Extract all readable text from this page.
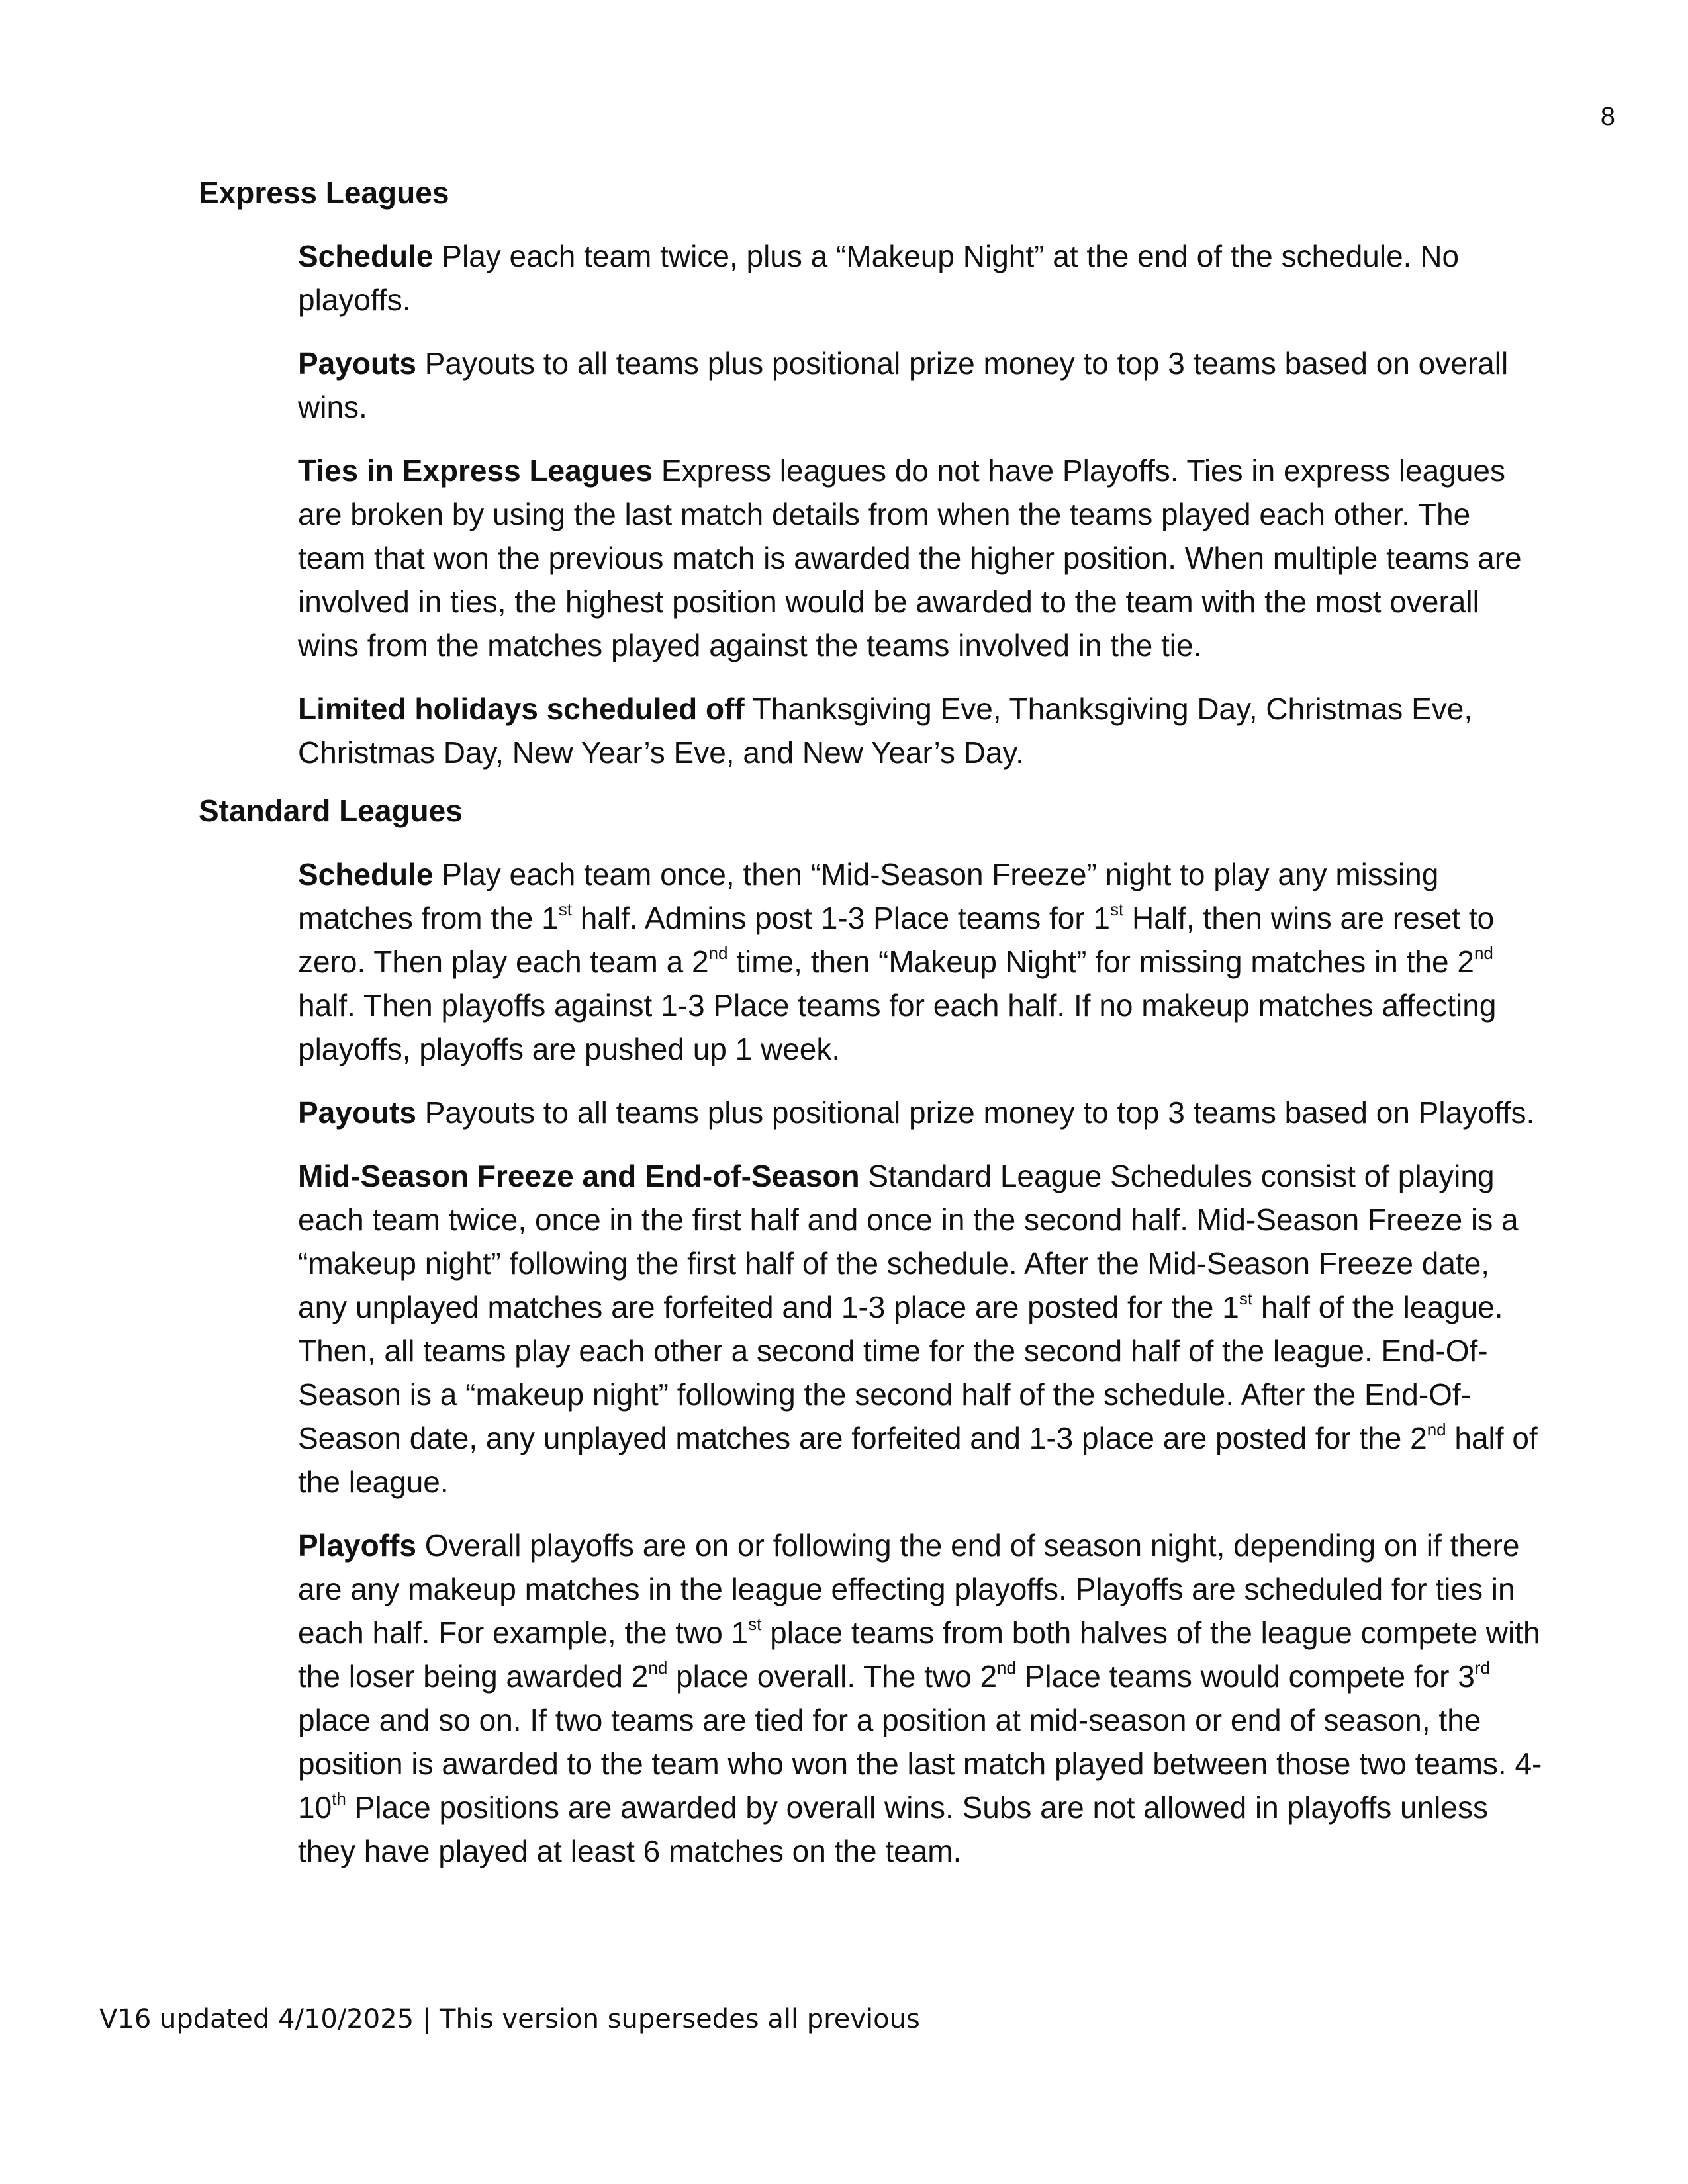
8
Express Leagues
Schedule Play each team twice, plus a “Makeup Night” at the end of the schedule. No playoffs.
Payouts Payouts to all teams plus positional prize money to top 3 teams based on overall wins.
Ties in Express Leagues Express leagues do not have Playoffs. Ties in express leagues are broken by using the last match details from when the teams played each other. The team that won the previous match is awarded the higher position. When multiple teams are involved in ties, the highest position would be awarded to the team with the most overall wins from the matches played against the teams involved in the tie.
Limited holidays scheduled off Thanksgiving Eve, Thanksgiving Day, Christmas Eve, Christmas Day, New Year’s Eve, and New Year’s Day.
Standard Leagues
Schedule Play each team once, then “Mid-Season Freeze” night to play any missing matches from the 1st half. Admins post 1-3 Place teams for 1st Half, then wins are reset to zero. Then play each team a 2nd time, then “Makeup Night” for missing matches in the 2nd half. Then playoffs against 1-3 Place teams for each half. If no makeup matches affecting playoffs, playoffs are pushed up 1 week.
Payouts Payouts to all teams plus positional prize money to top 3 teams based on Playoffs.
Mid-Season Freeze and End-of-Season Standard League Schedules consist of playing each team twice, once in the first half and once in the second half. Mid-Season Freeze is a “makeup night” following the first half of the schedule. After the Mid-Season Freeze date, any unplayed matches are forfeited and 1-3 place are posted for the 1st half of the league. Then, all teams play each other a second time for the second half of the league. End-Of-Season is a “makeup night” following the second half of the schedule. After the End-Of-Season date, any unplayed matches are forfeited and 1-3 place are posted for the 2nd half of the league.
Playoffs Overall playoffs are on or following the end of season night, depending on if there are any makeup matches in the league effecting playoffs. Playoffs are scheduled for ties in each half. For example, the two 1st place teams from both halves of the league compete with the loser being awarded 2nd place overall. The two 2nd Place teams would compete for 3rd place and so on. If two teams are tied for a position at mid-season or end of season, the position is awarded to the team who won the last match played between those two teams. 4-10th Place positions are awarded by overall wins. Subs are not allowed in playoffs unless they have played at least 6 matches on the team.
V16 updated 4/10/2025 | This version supersedes all previous
